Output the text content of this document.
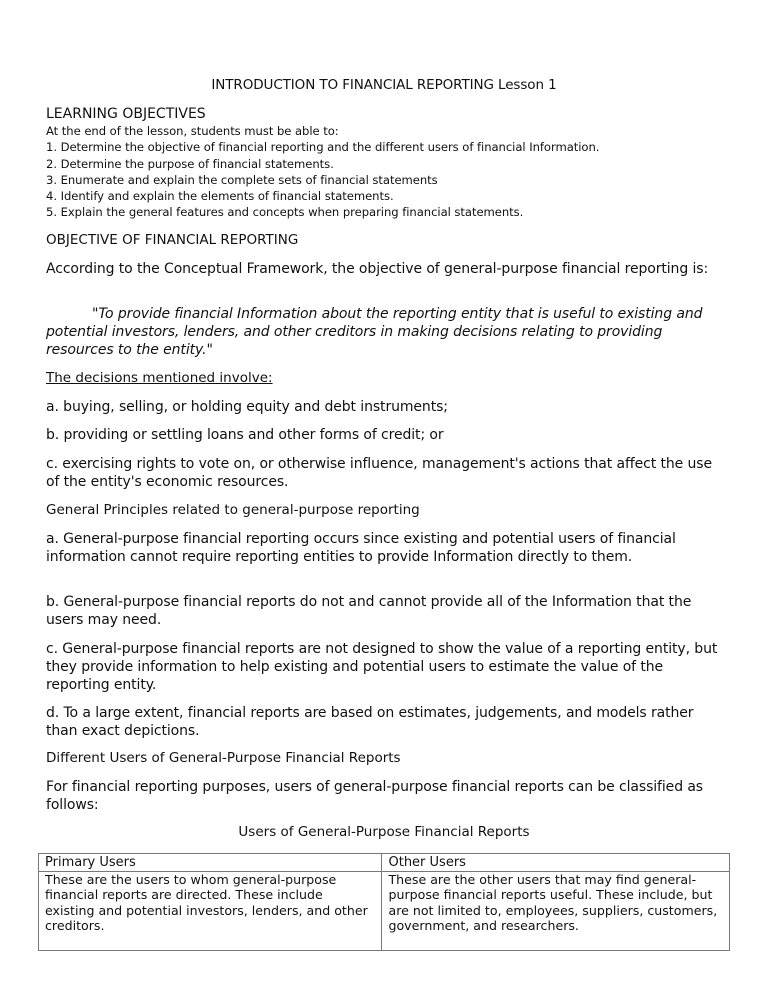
INTRODUCTION TO FINANCIAL REPORTING Lesson 1
LEARNING OBJECTIVES
At the end of the lesson, students must be able to:
1. Determine the objective of financial reporting and the different users of financial Information.
2. Determine the purpose of financial statements.
3. Enumerate and explain the complete sets of financial statements
4. Identify and explain the elements of financial statements.
5. Explain the general features and concepts when preparing financial statements.
OBJECTIVE OF FINANCIAL REPORTING
According to the Conceptual Framework, the objective of general-purpose financial reporting is:
"To provide financial Information about the reporting entity that is useful to existing and potential investors, lenders, and other creditors in making decisions relating to providing resources to the entity."
The decisions mentioned involve:
a. buying, selling, or holding equity and debt instruments;
b. providing or settling loans and other forms of credit; or
c. exercising rights to vote on, or otherwise influence, management's actions that affect the use of the entity's economic resources.
General Principles related to general-purpose reporting
a. General-purpose financial reporting occurs since existing and potential users of financial information cannot require reporting entities to provide Information directly to them.
b. General-purpose financial reports do not and cannot provide all of the Information that the users may need.
c. General-purpose financial reports are not designed to show the value of a reporting entity, but they provide information to help existing and potential users to estimate the value of the reporting entity.
d. To a large extent, financial reports are based on estimates, judgements, and models rather than exact depictions.
Different Users of General-Purpose Financial Reports
For financial reporting purposes, users of general-purpose financial reports can be classified as follows:
Users of General-Purpose Financial Reports
Primary Users	Other Users
These are the users to whom general-purpose financial reports are directed. These include existing and potential investors, lenders, and other creditors.	These are the other users that may find general-purpose financial reports useful. These include, but are not limited to, employees, suppliers, customers, government, and researchers.
